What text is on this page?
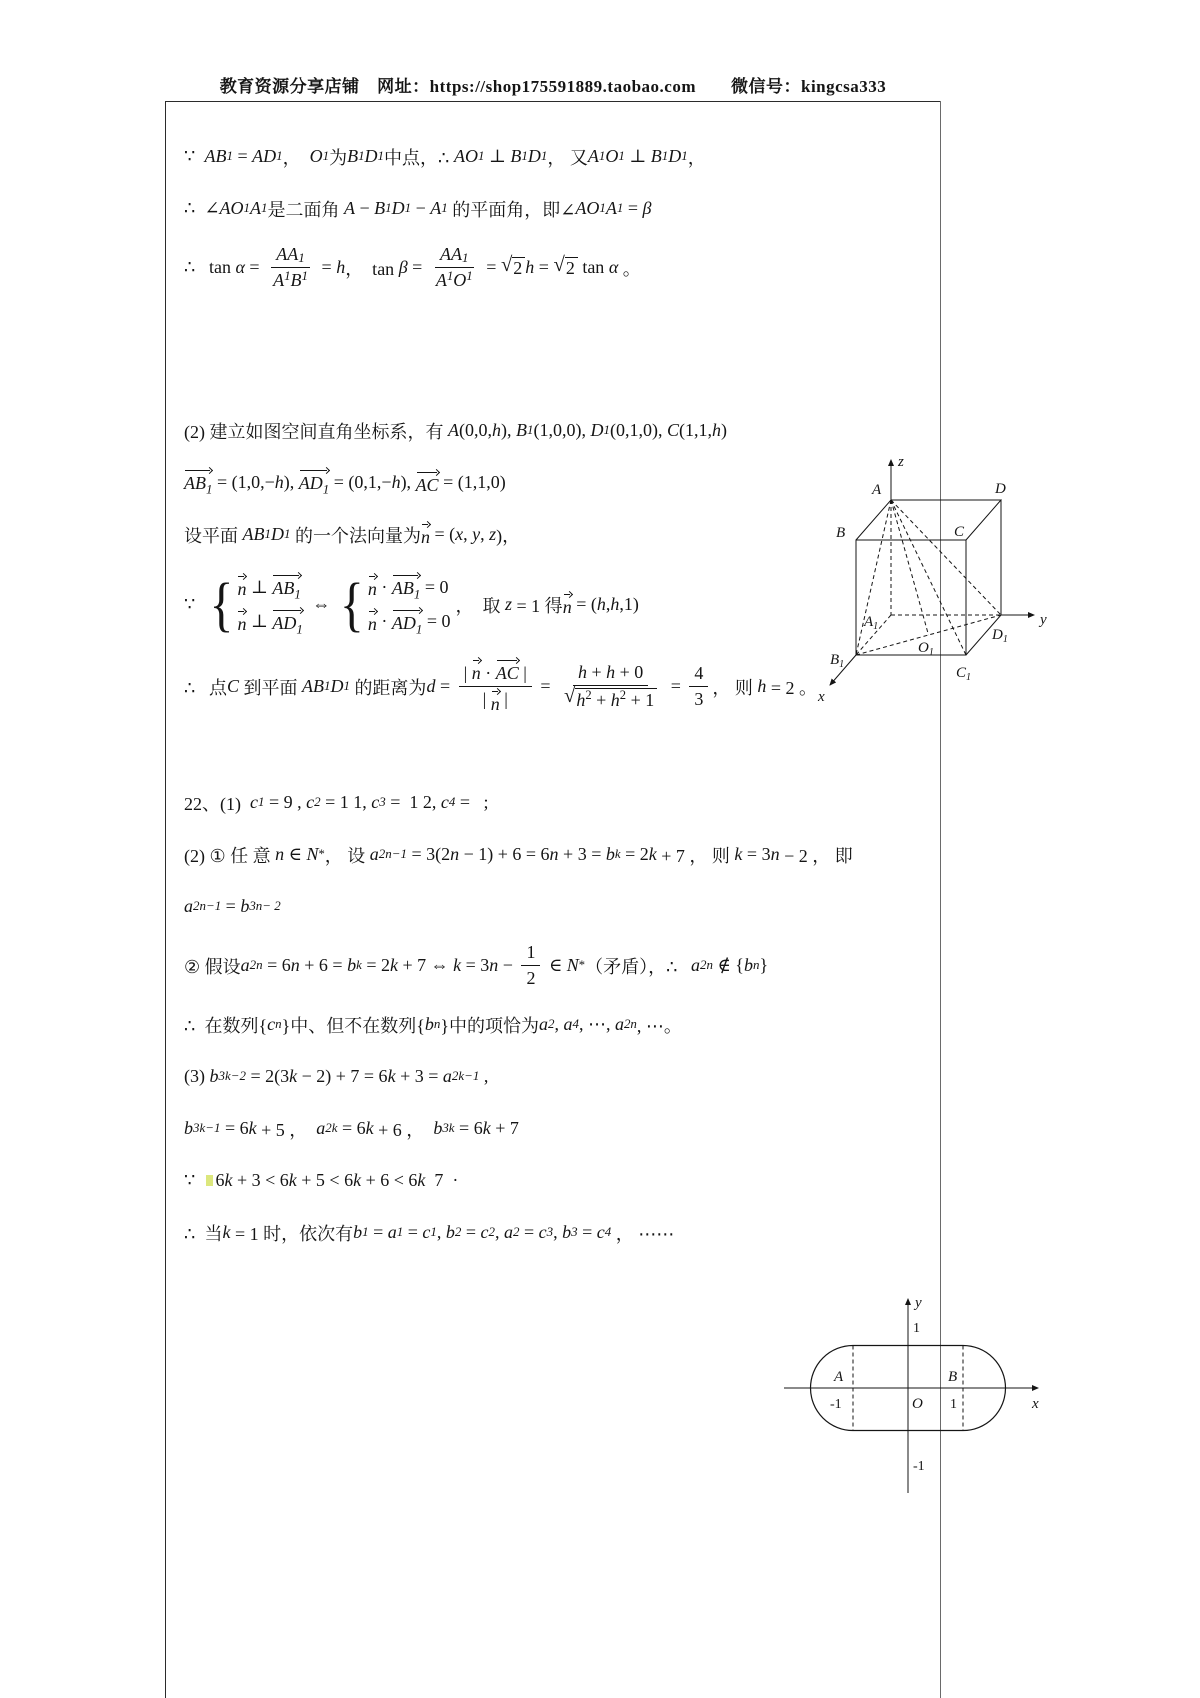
教育资源分享店铺　网址：https://shop175591889.taobao.com　　微信号：kingcsa333
∵ AB 1 = AD 1 ， O 1 为 B 1 D 1 中点，∴ AO 1 ⊥ B 1 D 1 ， 又 A 1 O 1 ⊥ B 1 D 1 ，
∴  ∠ AO 1 A 1 是二面角 A − B 1 D 1 − A 1 的平面角，即∠ AO 1 A 1 = β
∴   $\tan \alpha = \frac{AA_1}{A^1 B^1} = h$ ，  $\tan \beta = \frac{AA_1}{A^1 O^1}$ = √ 2 h = √ 2 tan α 。
(2) 建立如图空间直角坐标系，有 A (0,0, h ), B 1 (1,0,0), D 1 (0,1,0), C (1,1, h )
$AB_1 = (1,0,- h$ ), $AD_1 = (0,1,- h$ ), AC = (1,1,0)
设平面 AB 1 D 1 的一个法向量为 n = ( x , y , z )，
∵ { n ⊥ $AB_1$
n ⊥ $AD_1$
⇔ { $n \cdot AB_1 = 0$
$n \cdot AD_1 = 0$
，  取 z = 1 得 n = ( h , h ,1)
∴   点 C 到平面 AB 1 D 1 的距离为 $d = \frac{| n \cdot AC |}{| n |} = \frac{h + h + 0}{√ h^2 + h^2 + 1} = \frac{4}{3}$ ， 则 h = 2 。
22、(1) c 1 = 9 , c 2 = 1 1, c 3 =  1 2, c 4 =   ;
(2) ① 任 意 n ∈ N * ， 设 a 2n−1 = 3(2 n − 1) + 6 = 6 n + 3 = b k = 2 k + 7 ， 则 k = 3 n − 2 ， 即
a 2n−1 = b 3n− 2
② 假设 a 2n = 6 n + 6 = b k = 2 k + 7 ⇔ k = 3 $n - \frac{1}{2}$ ∈ N * （矛盾），∴ a 2n ∉ { b n }
∴  在数列{ c n }中、但不在数列{ b n }中的项恰为 a 2 , a 4 , ⋯, a 2n , ⋯。
(3) b 3k−2 = 2(3 k − 2) + 7 = 6 k + 3 = a 2k−1 ,
b 3k−1 = 6 k + 5 ， a 2k = 6 k + 6 ， b 3k = 6 k + 7
∵ 6 k + 3 < 6 k + 5 < 6 k + 6 < 6 k 7  ·
∴  当 k = 1 时，依次有 b 1 = a 1 = c 1 , b 2 = c 2 , a 2 = c 3 , b 3 = c 4 ， ⋯⋯
z
y
x
A
B	C
D
$A_1$
$O_1$
$B_1$
$D_1$
$C_1$
y
x
1
A	B
-1	O 1
-1
